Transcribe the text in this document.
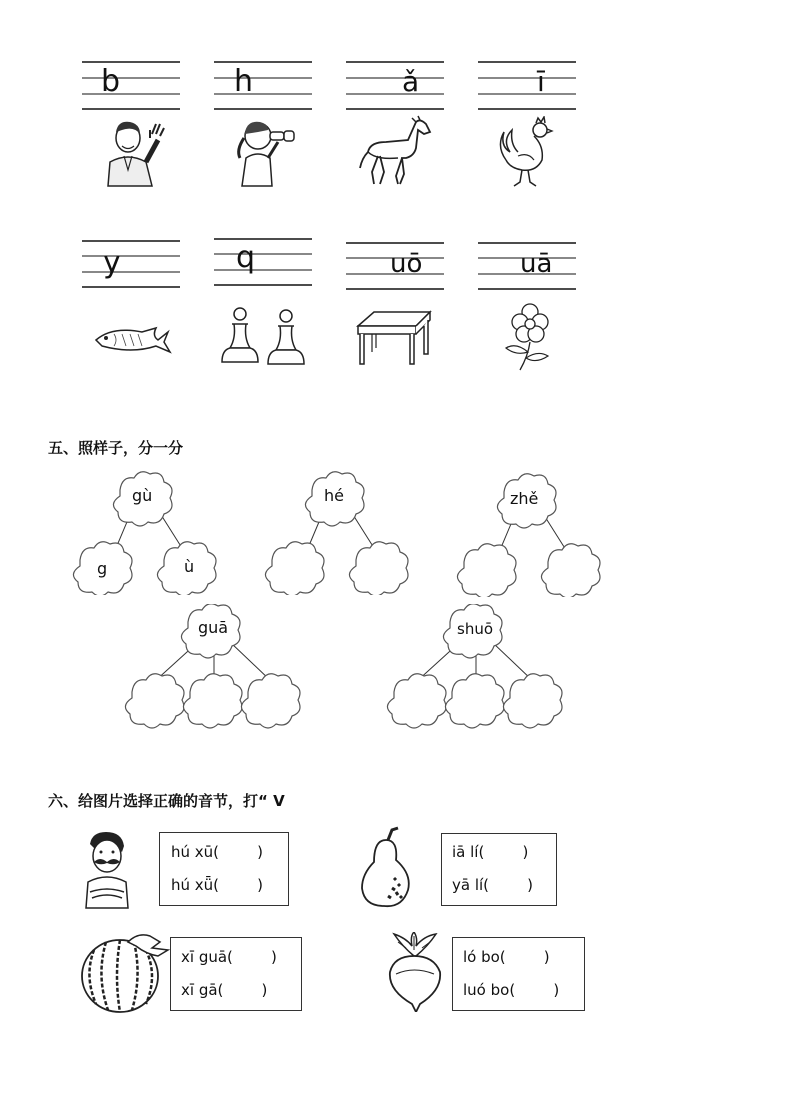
b	h	ǎ	ī
y	q	uō	uā
五、照样子，分一分
gù
g	ù
hé	zhě
guā	shuō
六、给图片选择正确的音节，打“ V
hú xū(        )
hú xǖ(        )
iā lí(        )
yā lí(        )
xī guā(        )
xī gā(        )
ló bo(        )
luó bo(        )
